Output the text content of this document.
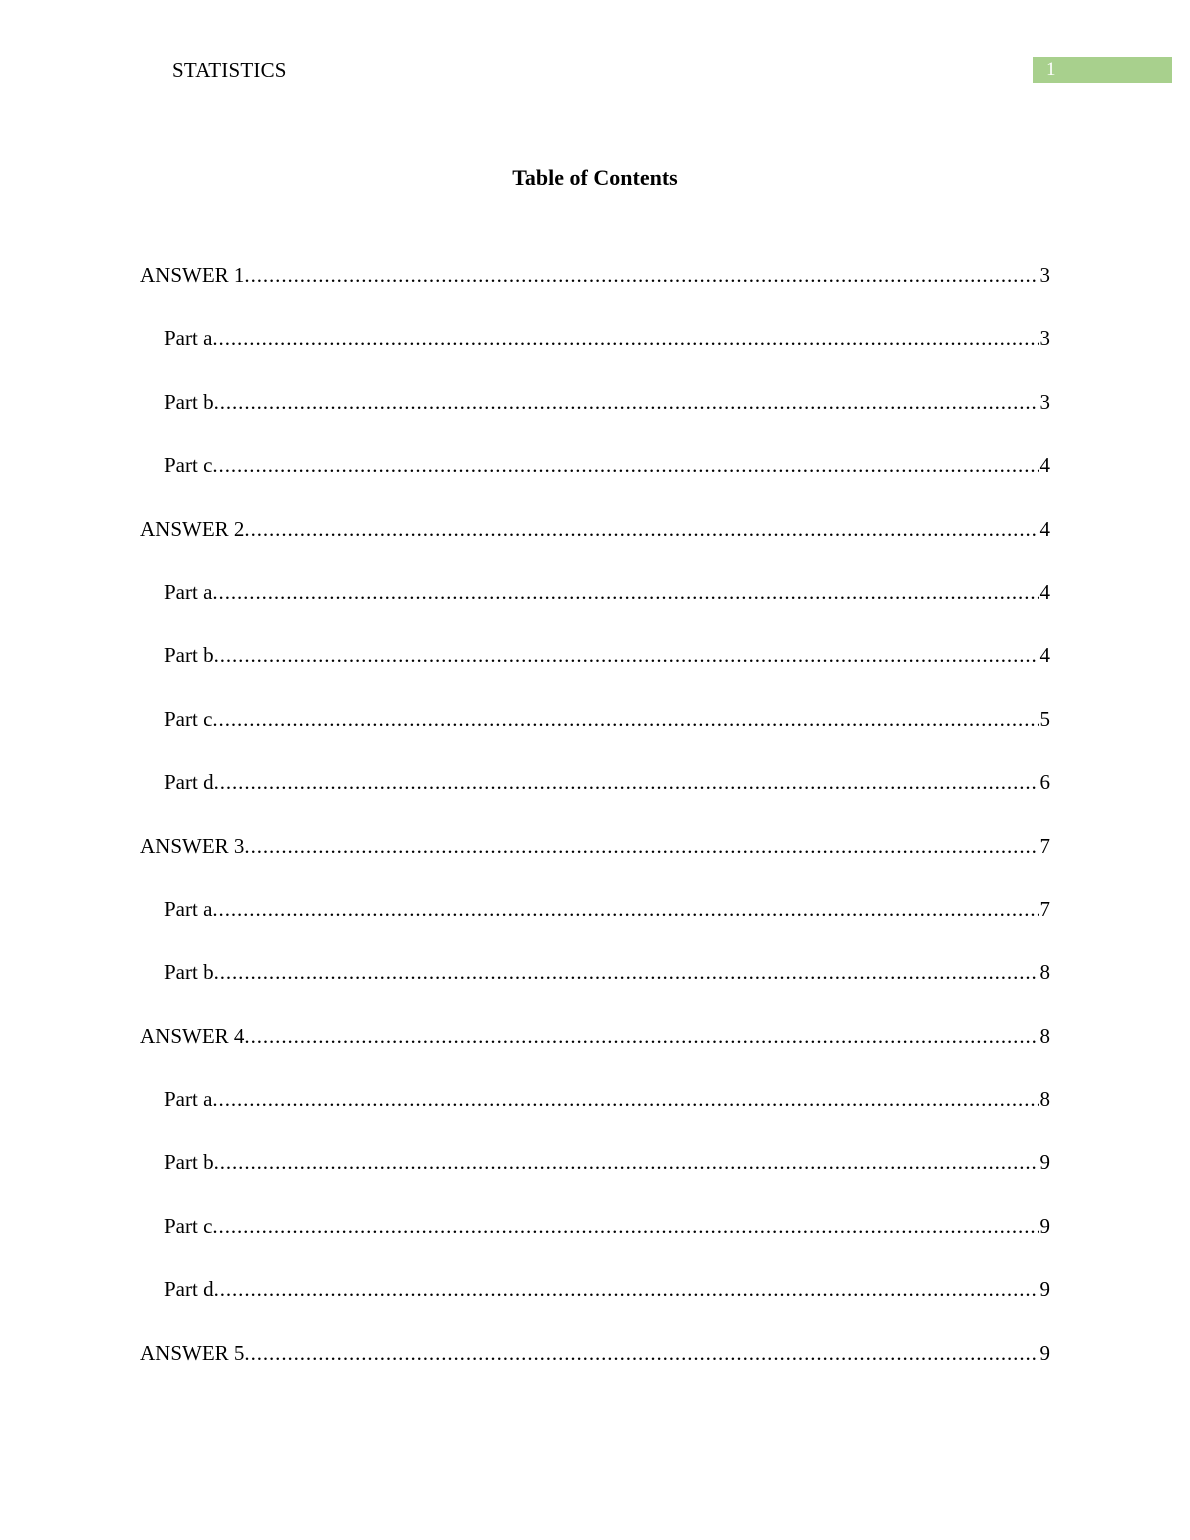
STATISTICS	1
Table of Contents
ANSWER 1 .....	3
Part a .....	3
Part b .....	3
Part c .....	4
ANSWER 2 .....	4
Part a .....	4
Part b .....	4
Part c .....	5
Part d .....	6
ANSWER 3 .....	7
Part a .....	7
Part b .....	8
ANSWER 4 .....	8
Part a .....	8
Part b .....	9
Part c .....	9
Part d .....	9
ANSWER 5 .....	9
